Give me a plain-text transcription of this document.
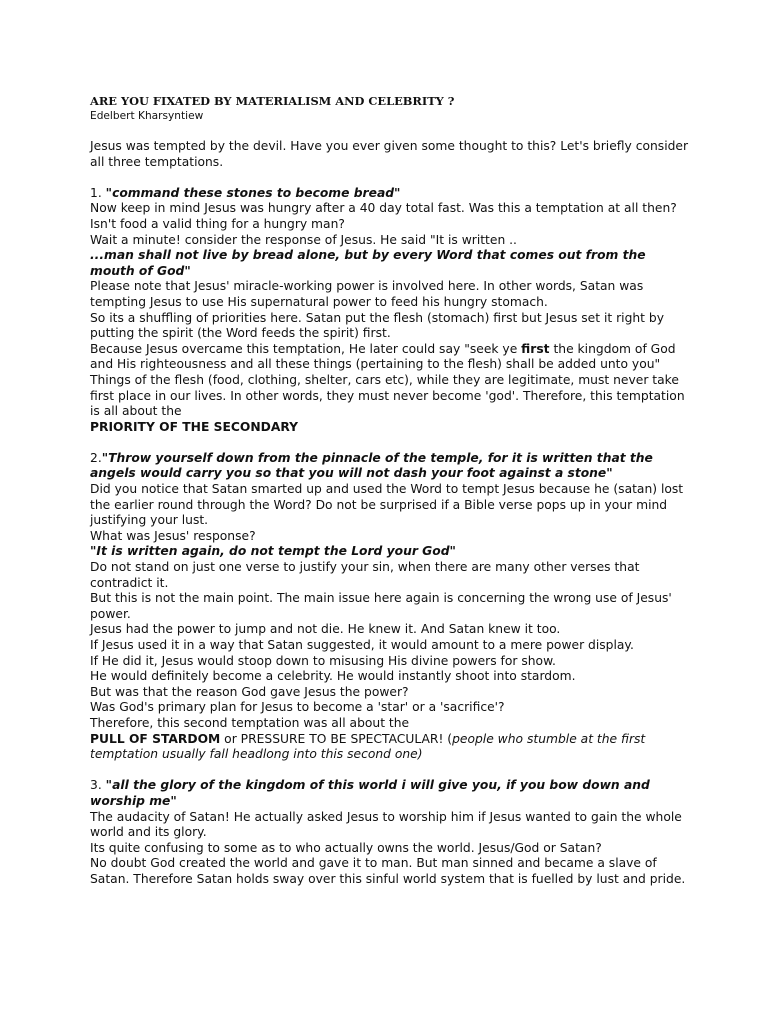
ARE YOU FIXATED BY MATERIALISM AND CELEBRITY ?

Edelbert Kharsyntiew

Jesus was tempted by the devil. Have you ever given some thought to this? Let's briefly consider all three temptations.

1. "command these stones to become bread"

Now keep in mind Jesus was hungry after a 40 day total fast. Was this a temptation at all then? Isn't food a valid thing for a hungry man?

Wait a minute! consider the response of Jesus. He said "It is written ..

...man shall not live by bread alone, but by every Word that comes out from the mouth of God"

Please note that Jesus' miracle-working power is involved here. In other words, Satan was tempting Jesus to use His supernatural power to feed his hungry stomach.

So its a shuffling of priorities here. Satan put the flesh (stomach) first but Jesus set it right by putting the spirit (the Word feeds the spirit) first.

Because Jesus overcame this temptation, He later could say "seek ye first the kingdom of God and His righteousness and all these things (pertaining to the flesh) shall be added unto you"

Things of the flesh (food, clothing, shelter, cars etc), while they are legitimate, must never take first place in our lives. In other words, they must never become 'god'. Therefore, this temptation is all about the

PRIORITY OF THE SECONDARY

2."Throw yourself down from the pinnacle of the temple, for it is written that the angels would carry you so that you will not dash your foot against a stone"

Did you notice that Satan smarted up and used the Word to tempt Jesus because he (satan) lost the earlier round through the Word? Do not be surprised if a Bible verse pops up in your mind justifying your lust.

What was Jesus' response?

"It is written again, do not tempt the Lord your God"

Do not stand on just one verse to justify your sin, when there are many other verses that contradict it.

But this is not the main point. The main issue here again is concerning the wrong use of Jesus' power.

Jesus had the power to jump and not die. He knew it. And Satan knew it too.

If Jesus used it in a way that Satan suggested, it would amount to a mere power display.

If He did it, Jesus would stoop down to misusing His divine powers for show.

He would definitely become a celebrity. He would instantly shoot into stardom.

But was that the reason God gave Jesus the power?

Was God's primary plan for Jesus to become a 'star' or a 'sacrifice'?

Therefore, this second temptation was all about the

PULL OF STARDOM or PRESSURE TO BE SPECTACULAR! (people who stumble at the first temptation usually fall headlong into this second one)

3. "all the glory of the kingdom of this world i will give you, if you bow down and worship me"

The audacity of Satan! He actually asked Jesus to worship him if Jesus wanted to gain the whole world and its glory.

Its quite confusing to some as to who actually owns the world. Jesus/God or Satan?

No doubt God created the world and gave it to man. But man sinned and became a slave of Satan. Therefore Satan holds sway over this sinful world system that is fuelled by lust and pride.
